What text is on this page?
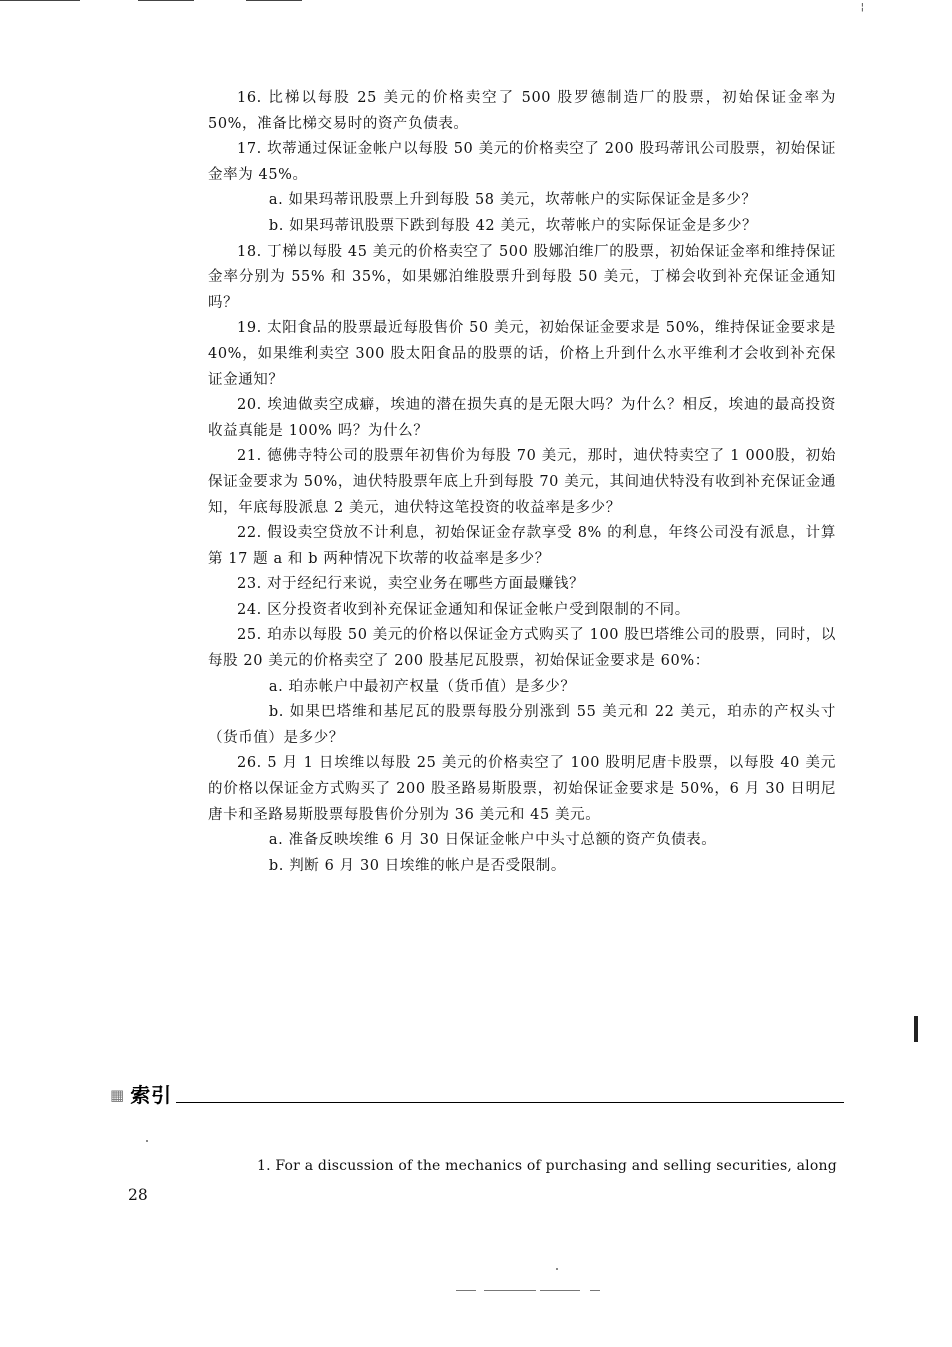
¦

16. 比梯以每股 25 美元的价格卖空了 500 股罗德制造厂的股票，初始保证金率为 50%，准备比梯交易时的资产负债表。

17. 坎蒂通过保证金帐户以每股 50 美元的价格卖空了 200 股玛蒂讯公司股票，初始保证金率为 45%。

a. 如果玛蒂讯股票上升到每股 58 美元，坎蒂帐户的实际保证金是多少？

b. 如果玛蒂讯股票下跌到每股 42 美元，坎蒂帐户的实际保证金是多少？

18. 丁梯以每股 45 美元的价格卖空了 500 股娜泊维厂的股票，初始保证金率和维持保证金率分别为 55% 和 35%，如果娜泊维股票升到每股 50 美元，丁梯会收到补充保证金通知吗？

19. 太阳食品的股票最近每股售价 50 美元，初始保证金要求是 50%，维持保证金要求是 40%，如果维利卖空 300 股太阳食品的股票的话，价格上升到什么水平维利才会收到补充保证金通知？

20. 埃迪做卖空成癖，埃迪的潜在损失真的是无限大吗？为什么？相反，埃迪的最高投资收益真能是 100% 吗？为什么？

21. 德佛寺特公司的股票年初售价为每股 70 美元，那时，迪伏特卖空了 1 000股，初始保证金要求为 50%，迪伏特股票年底上升到每股 70 美元，其间迪伏特没有收到补充保证金通知，年底每股派息 2 美元，迪伏特这笔投资的收益率是多少？

22. 假设卖空贷放不计利息，初始保证金存款享受 8% 的利息，年终公司没有派息，计算第 17 题 a 和 b 两种情况下坎蒂的收益率是多少？

23. 对于经纪行来说，卖空业务在哪些方面最赚钱？

24. 区分投资者收到补充保证金通知和保证金帐户受到限制的不同。

25. 珀赤以每股 50 美元的价格以保证金方式购买了 100 股巴塔维公司的股票，同时，以每股 20 美元的价格卖空了 200 股基尼瓦股票，初始保证金要求是 60%：

a. 珀赤帐户中最初产权量（货币值）是多少？

b. 如果巴塔维和基尼瓦的股票每股分别涨到 55 美元和 22 美元，珀赤的产权头寸（货币值）是多少？

26. 5 月 1 日埃维以每股 25 美元的价格卖空了 100 股明尼唐卡股票，以每股 40 美元的价格以保证金方式购买了 200 股圣路易斯股票，初始保证金要求是 50%，6 月 30 日明尼唐卡和圣路易斯股票每股售价分别为 36 美元和 45 美元。

a. 准备反映埃维 6 月 30 日保证金帐户中头寸总额的资产负债表。

b. 判断 6 月 30 日埃维的帐户是否受限制。

▦ 索引
1. For a discussion of the mechanics of purchasing and selling securities, along
28
